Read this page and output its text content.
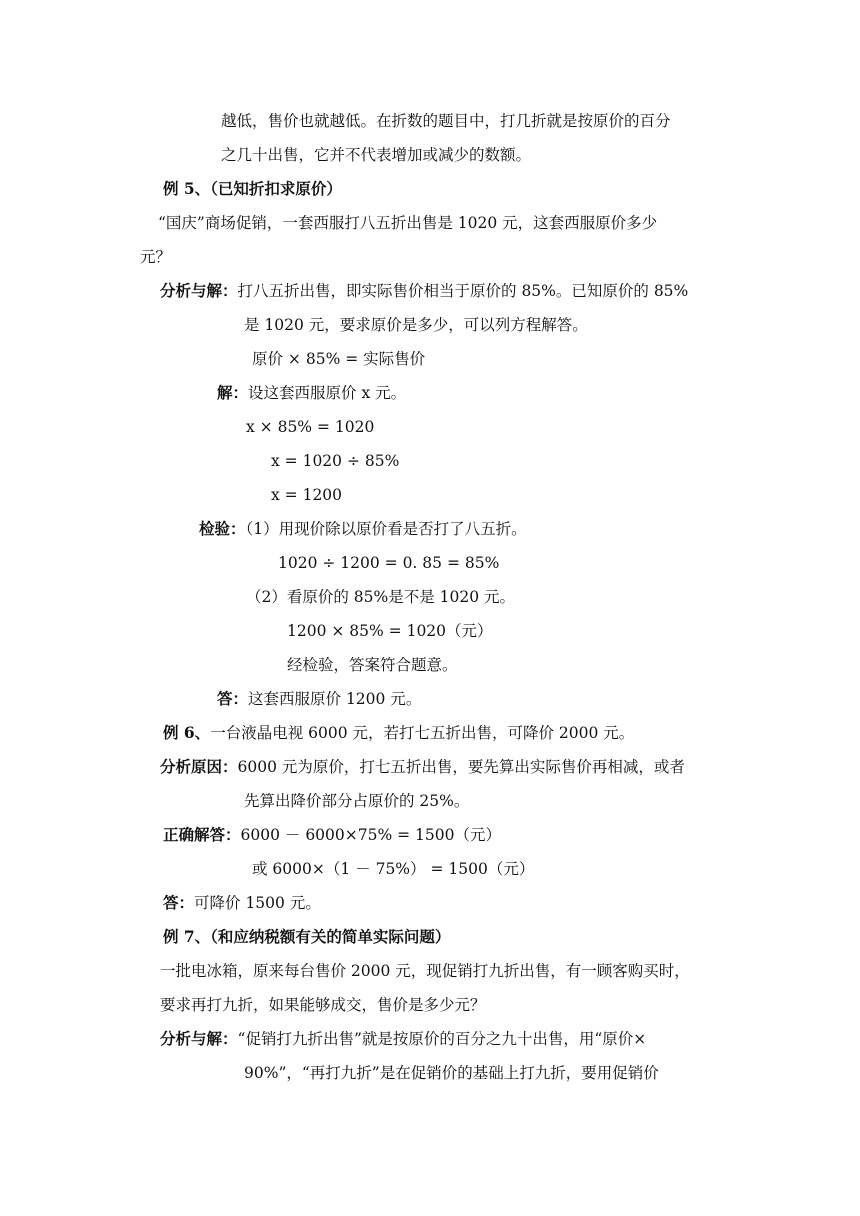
越低，售价也就越低。在折数的题目中，打几折就是按原价的百分
之几十出售，它并不代表增加或减少的数额。
例 5、（已知折扣求原价）
“国庆”商场促销，一套西服打八五折出售是 1020 元，这套西服原价多少
元？
分析与解：打八五折出售，即实际售价相当于原价的 85%。已知原价的 85%
是 1020 元，要求原价是多少，可以列方程解答。
原价 × 85% = 实际售价
解：设这套西服原价 x 元。
x × 85% = 1020
x = 1020 ÷ 85%
x = 1200
检验：（1）用现价除以原价看是否打了八五折。
1020 ÷ 1200 = 0. 85 = 85%
（2）看原价的 85%是不是 1020 元。
1200 × 85% = 1020（元）
经检验，答案符合题意。
答：这套西服原价 1200 元。
例 6、一台液晶电视 6000 元，若打七五折出售，可降价 2000 元。
分析原因：6000 元为原价，打七五折出售，要先算出实际售价再相减，或者
先算出降价部分占原价的 25%。
正确解答：6000 － 6000×75% = 1500（元）
或 6000×（1 － 75%） = 1500（元）
答：可降价 1500 元。
例 7、（和应纳税额有关的简单实际问题）
一批电冰箱，原来每台售价 2000 元，现促销打九折出售，有一顾客购买时，
要求再打九折，如果能够成交，售价是多少元？
分析与解：“促销打九折出售”就是按原价的百分之九十出售，用“原价×
90%”，“再打九折”是在促销价的基础上打九折，要用促销价
